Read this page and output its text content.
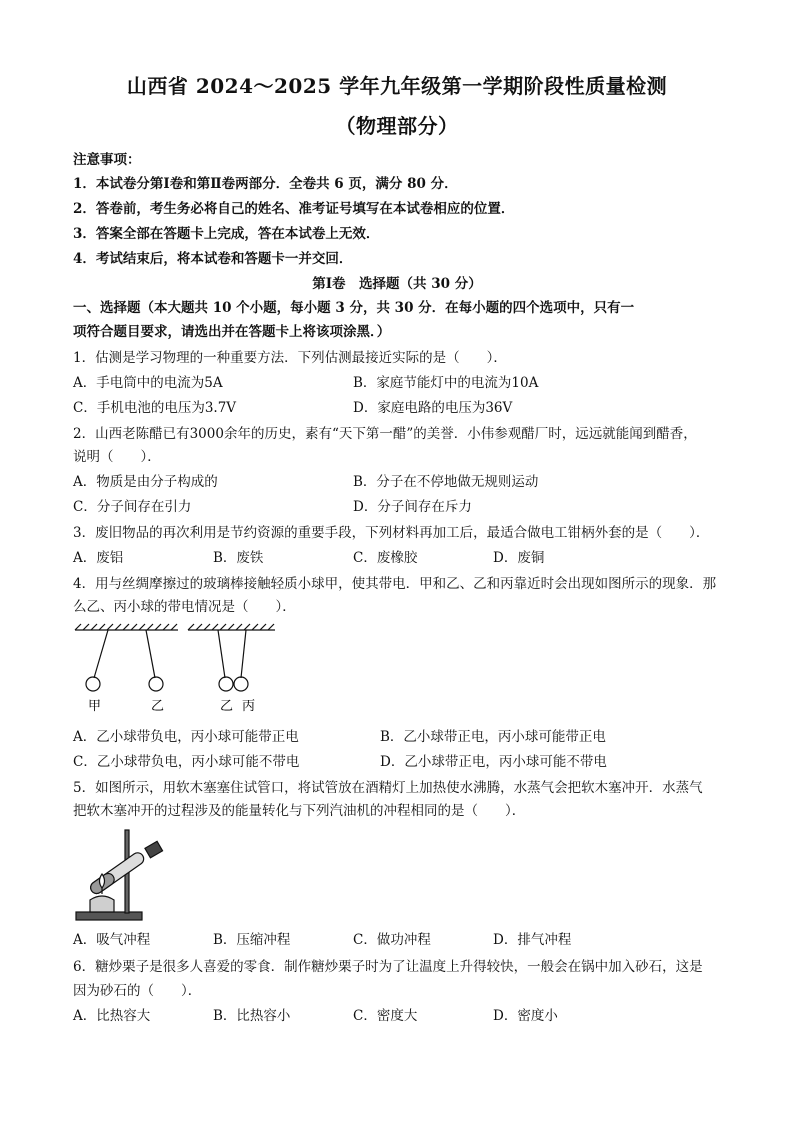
山西省 2024～2025 学年九年级第一学期阶段性质量检测
（物理部分）
注意事项：
1．本试卷分第Ⅰ卷和第Ⅱ卷两部分．全卷共 6 页，满分 80 分．
2．答卷前，考生务必将自己的姓名、准考证号填写在本试卷相应的位置．
3．答案全部在答题卡上完成，答在本试卷上无效．
4．考试结束后，将本试卷和答题卡一并交回．
第Ⅰ卷　选择题（共 30 分）
一、选择题（本大题共 10 个小题，每小题 3 分，共 30 分．在每小题的四个选项中，只有一
项符合题目要求，请选出并在答题卡上将该项涂黑．）
1．估测是学习物理的一种重要方法．下列估测最接近实际的是（　　）．
A．手电筒中的电流为5A	B．家庭节能灯中的电流为10A
C．手机电池的电压为3.7V	D．家庭电路的电压为36V
2．山西老陈醋已有3000余年的历史，素有“天下第一醋”的美誉．小伟参观醋厂时，远远就能闻到醋香，
说明（　　）．
A．物质是由分子构成的	B．分子在不停地做无规则运动
C．分子间存在引力	D．分子间存在斥力
3．废旧物品的再次利用是节约资源的重要手段，下列材料再加工后，最适合做电工钳柄外套的是（　　）．
A．废铝	B．废铁	C．废橡胶	D．废铜
4．用与丝绸摩擦过的玻璃棒接触轻质小球甲，使其带电．甲和乙、乙和丙靠近时会出现如图所示的现象．那
么乙、丙小球的带电情况是（　　）．
甲	乙	乙 丙
A．乙小球带负电，丙小球可能带正电	B．乙小球带正电，丙小球可能带正电
C．乙小球带负电，丙小球可能不带电	D．乙小球带正电，丙小球可能不带电
5．如图所示，用软木塞塞住试管口，将试管放在酒精灯上加热使水沸腾，水蒸气会把软木塞冲开．水蒸气
把软木塞冲开的过程涉及的能量转化与下列汽油机的冲程相同的是（　　）．
A．吸气冲程	B．压缩冲程	C．做功冲程	D．排气冲程
6．糖炒栗子是很多人喜爱的零食．制作糖炒栗子时为了让温度上升得较快，一般会在锅中加入砂石，这是
因为砂石的（　　）．
A．比热容大	B．比热容小	C．密度大	D．密度小
